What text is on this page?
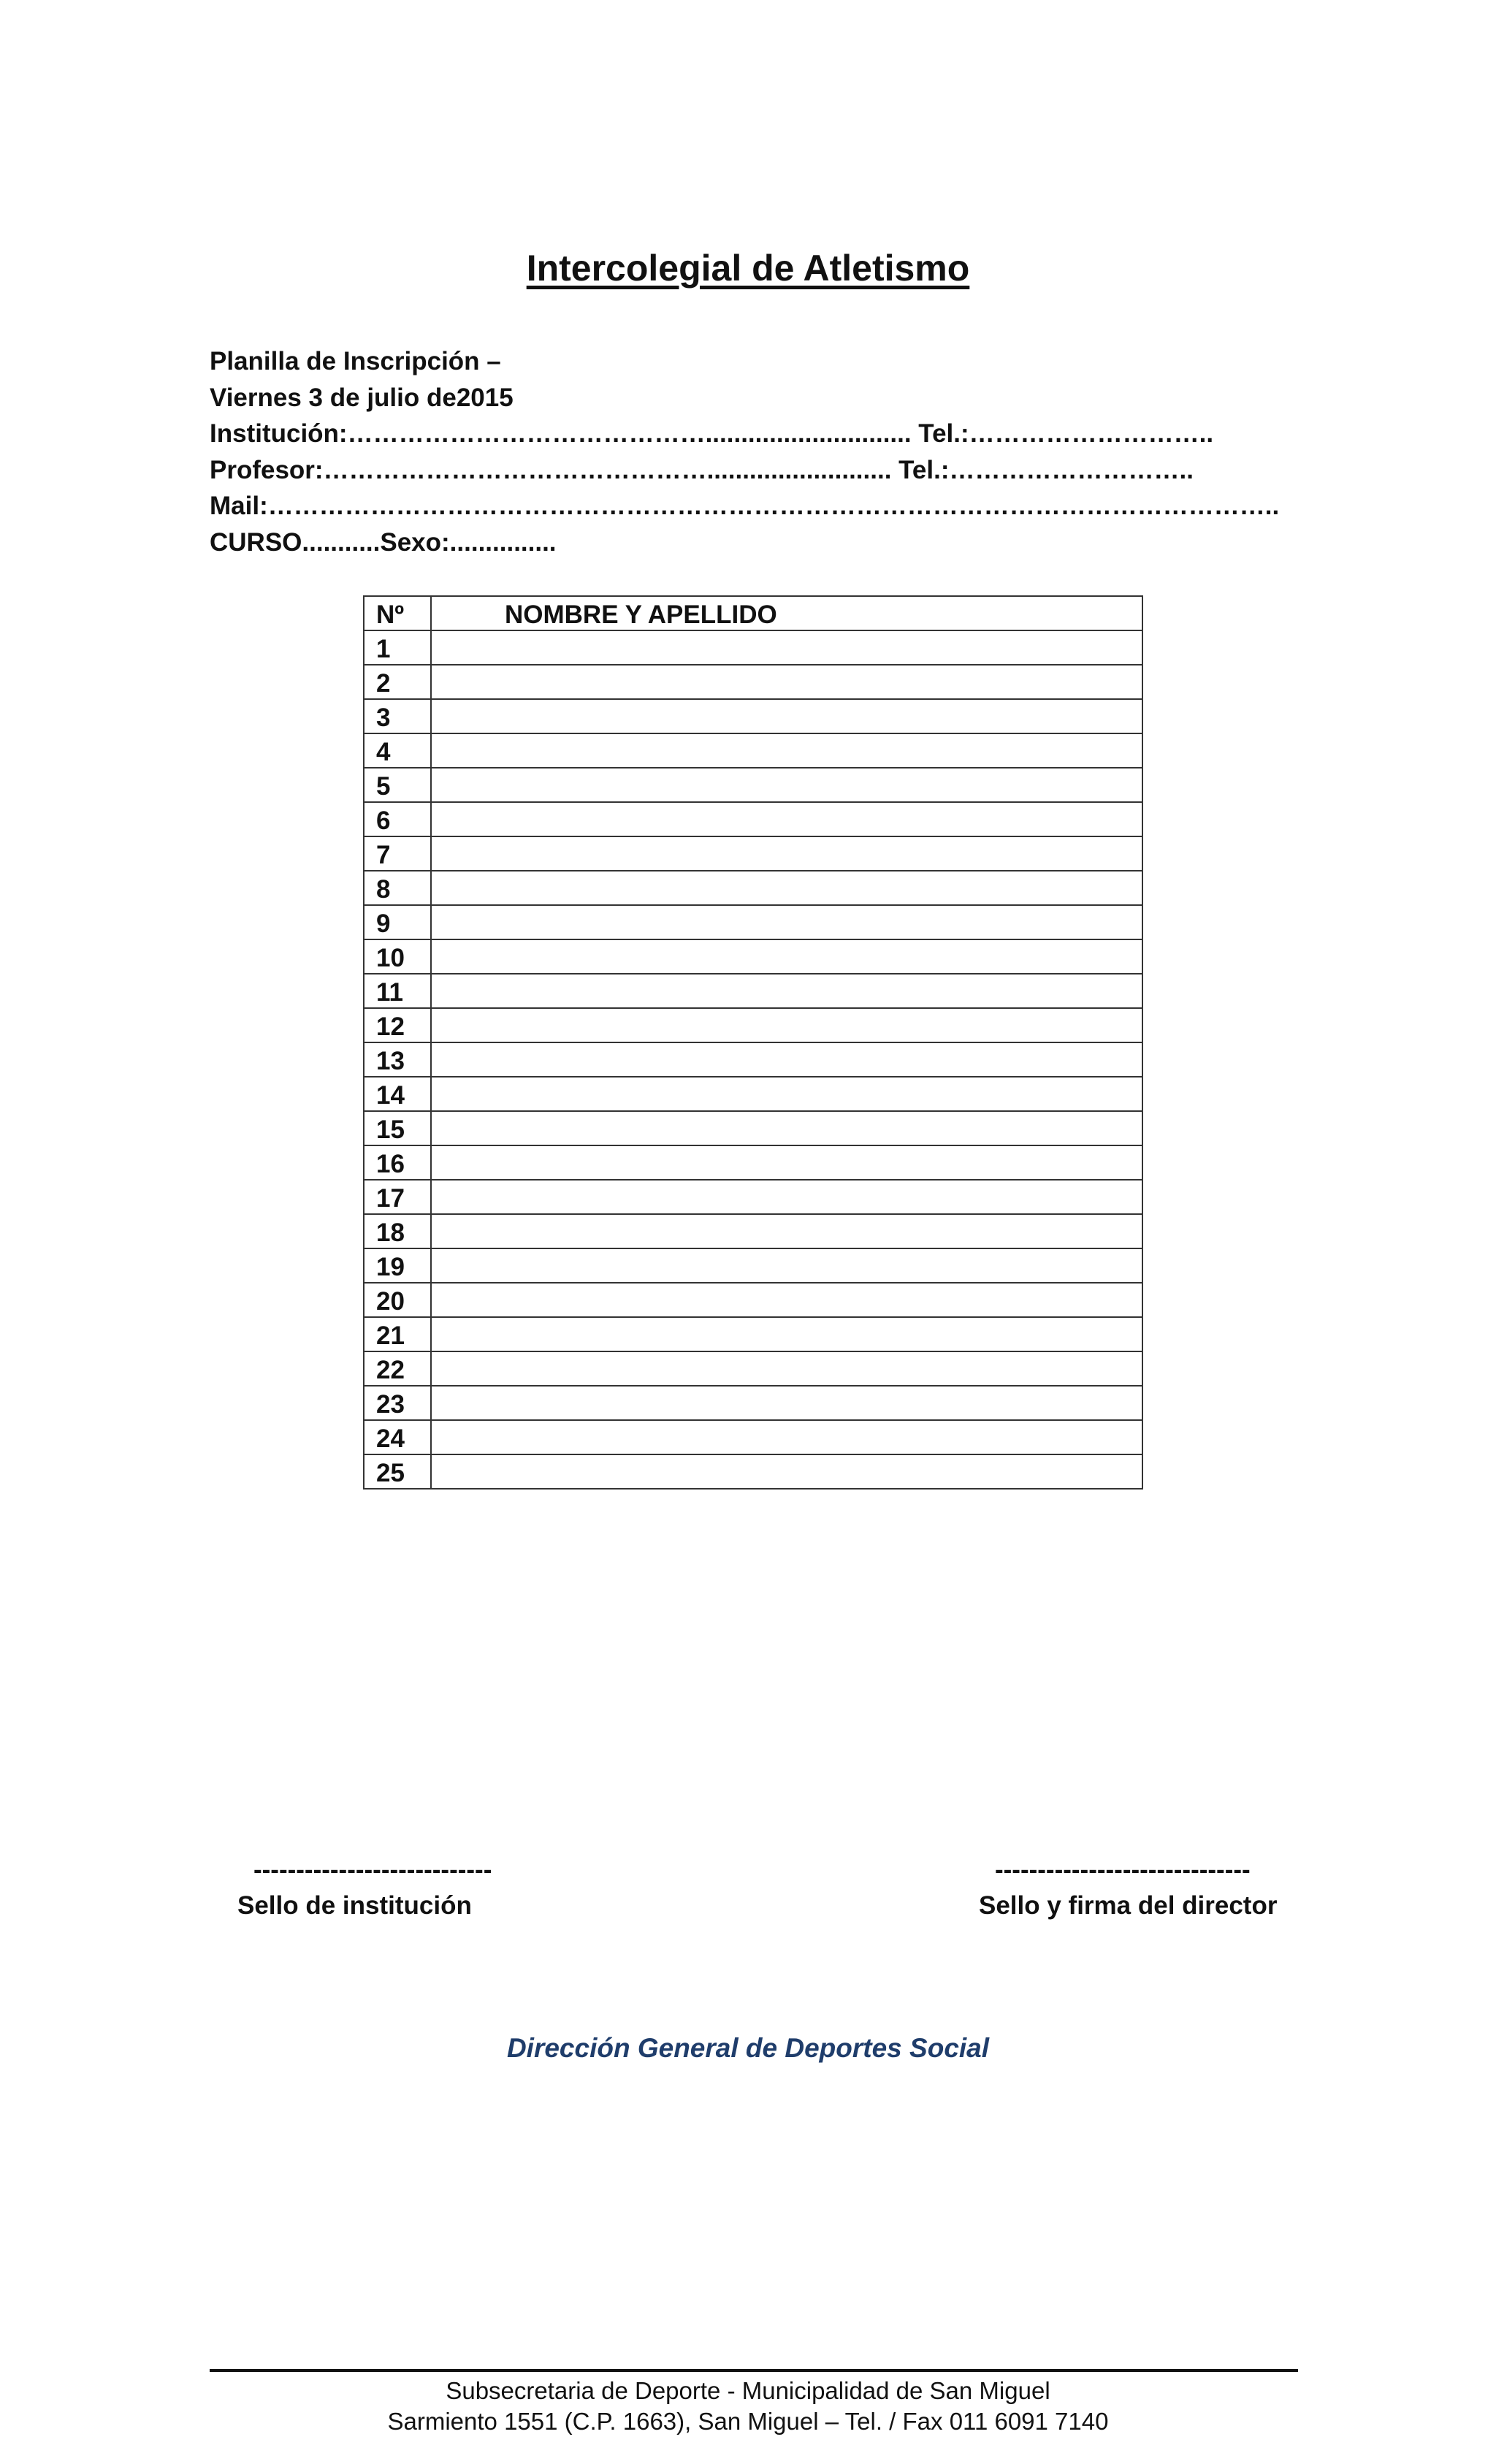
Intercolegial de Atletismo
Planilla de Inscripción –
Viernes 3 de julio de2015
Institución:……………………………………............................. Tel.:………………………..
Profesor:……………………………………….......................... Tel.:………………………..
Mail:………………………………………………………………………………………………………..
CURSO...........Sexo:...............
Nº	NOMBRE Y APELLIDO
1	
2	
3	
4	
5	
6	
7	
8	
9	
10	
11	
12	
13	
14	
15	
16	
17	
18	
19	
20	
21	
22	
23	
24	
25	
----------------------------
Sello de institución
------------------------------
Sello y firma del director
Dirección General de Deportes Social
Subsecretaria de Deporte - Municipalidad de San Miguel
Sarmiento 1551 (C.P. 1663), San Miguel – Tel. / Fax 011 6091 7140
